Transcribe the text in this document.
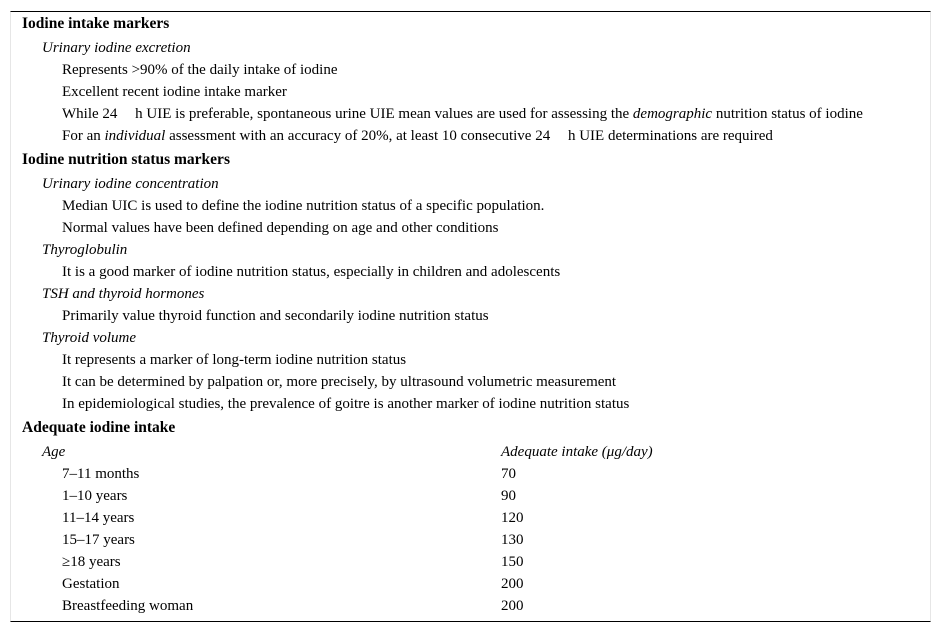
Iodine intake markers
Urinary iodine excretion
Represents >90% of the daily intake of iodine
Excellent recent iodine intake marker
While 24 h UIE is preferable, spontaneous urine UIE mean values are used for assessing the demographic nutrition status of iodine
For an individual assessment with an accuracy of 20%, at least 10 consecutive 24 h UIE determinations are required
Iodine nutrition status markers
Urinary iodine concentration
Median UIC is used to define the iodine nutrition status of a specific population.
Normal values have been defined depending on age and other conditions
Thyroglobulin
It is a good marker of iodine nutrition status, especially in children and adolescents
TSH and thyroid hormones
Primarily value thyroid function and secondarily iodine nutrition status
Thyroid volume
It represents a marker of long-term iodine nutrition status
It can be determined by palpation or, more precisely, by ultrasound volumetric measurement
In epidemiological studies, the prevalence of goitre is another marker of iodine nutrition status
Adequate iodine intake
Age	Adequate intake (μg/day)
7–11 months	70
1–10 years	90
11–14 years	120
15–17 years	130
≥18 years	150
Gestation	200
Breastfeeding woman	200
